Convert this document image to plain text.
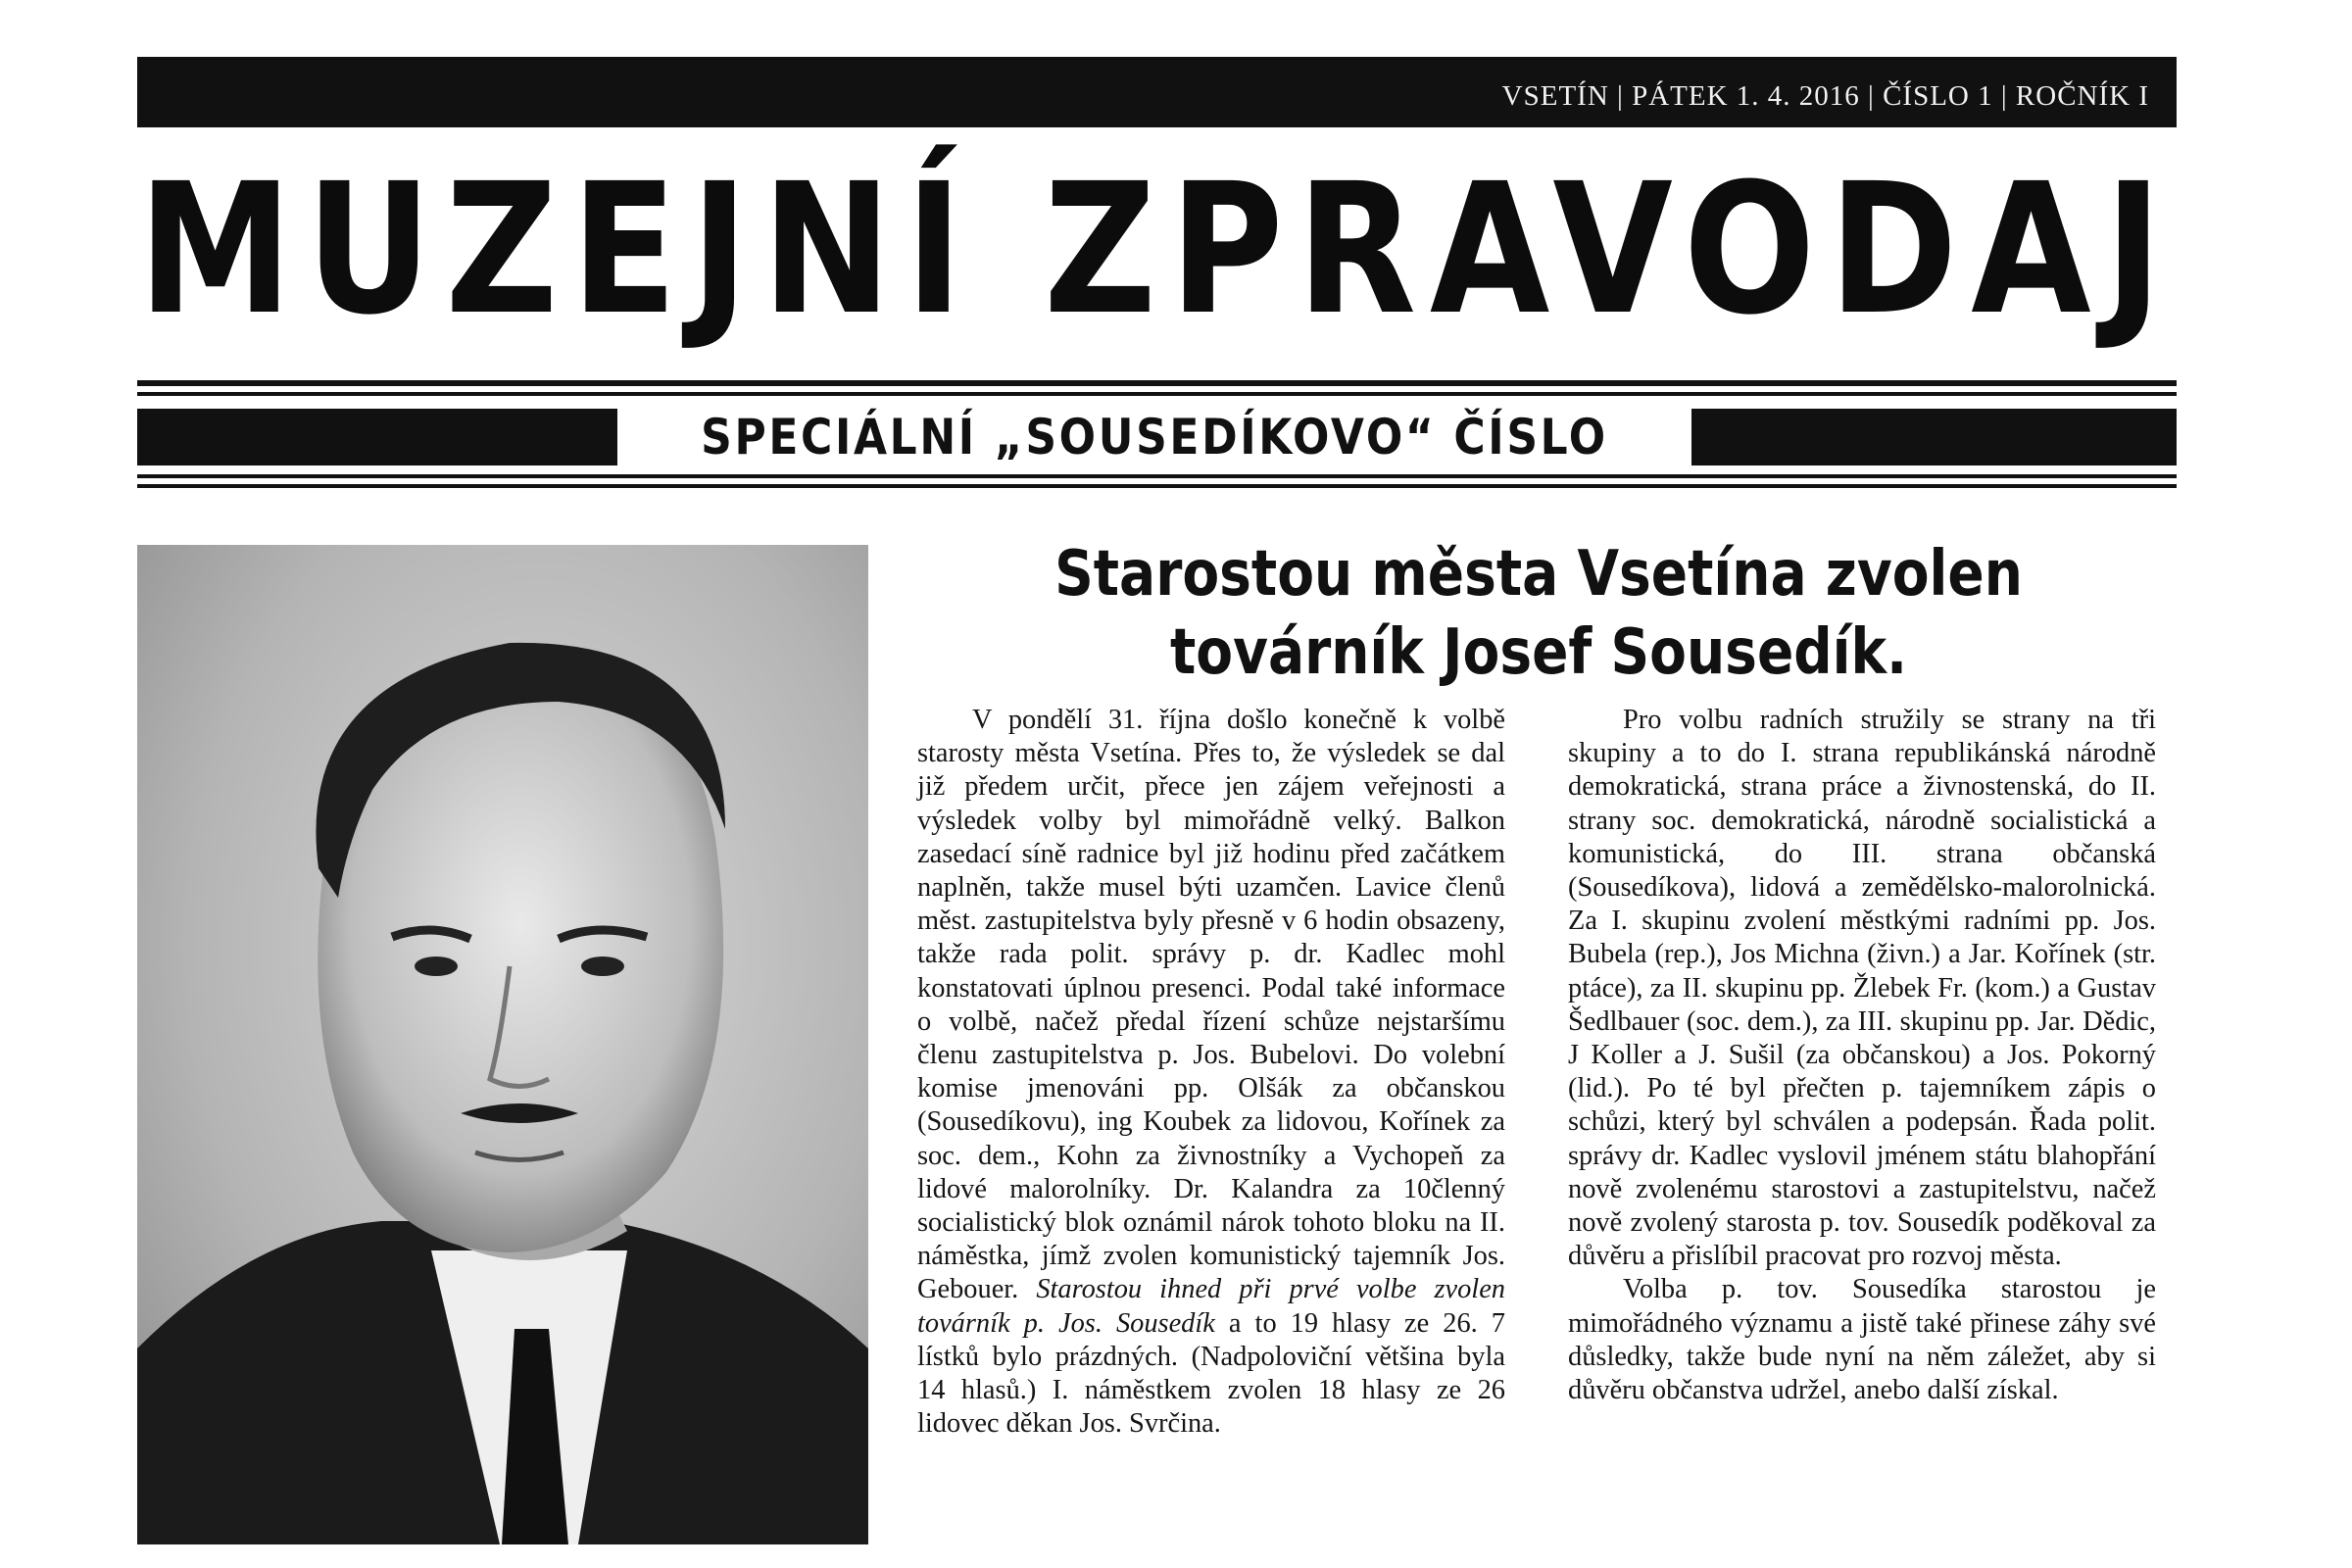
VSETÍN | PÁTEK 1. 4. 2016 | ČÍSLO 1 | ROČNÍK I
MUZEJNÍ ZPRAVODAJ
SPECIÁLNÍ „SOUSEDÍKOVO“ ČÍSLO
Starostou města Vsetína zvolen továrník Josef Sousedík.

V pondělí 31. října došlo konečně k volbě starosty města Vsetína. Přes to, že výsledek se dal již předem určit, přece jen zájem veřejnosti a výsledek volby byl mimořádně velký. Balkon zasedací síně radnice byl již hodinu před začátkem naplněn, takže musel býti uzamčen. Lavice členů měst. zastupitelstva byly přesně v 6 hodin obsazeny, takže rada polit. správy p. dr. Kadlec mohl konstatovati úplnou presenci. Podal také informace o volbě, načež předal řízení schůze nejstaršímu členu zastupitelstva p. Jos. Bubelovi. Do volební komise jmenováni pp. Olšák za občanskou (Sousedíkovu), ing Koubek za lidovou, Kořínek za soc. dem., Kohn za živnostníky a Vychopeň za lidové malorolníky. Dr. Kalandra za 10členný socialistický blok oznámil nárok tohoto bloku na II. náměstka, jímž zvolen komunistický tajemník Jos. Gebouer. Starostou ihned při prvé volbe zvolen továrník p. Jos. Sousedík a to 19 hlasy ze 26. 7 lístků bylo prázdných. (Nadpoloviční většina byla 14 hlasů.) I. náměstkem zvolen 18 hlasy ze 26 lidovec děkan Jos. Svrčina.

Pro volbu radních stružily se strany na tři skupiny a to do I. strana republikánská národně demokratická, strana práce a živnostenská, do II. strany soc. demokratická, národně socialistická a komunistická, do III. strana občanská (Sousedíkova), lidová a zemědělsko-malorolnická. Za I. skupinu zvolení městkými radními pp. Jos. Bubela (rep.), Jos Michna (živn.) a Jar. Kořínek (str. ptáce), za II. skupinu pp. Žlebek Fr. (kom.) a Gustav Šedlbauer (soc. dem.), za III. skupinu pp. Jar. Dědic, J Koller a J. Sušil (za občanskou) a Jos. Pokorný (lid.). Po té byl přečten p. tajemníkem zápis o schůzi, který byl schválen a podepsán. Řada polit. správy dr. Kadlec vyslovil jménem státu blahopřání nově zvolenému starostovi a zastupitelstvu, načež nově zvolený starosta p. tov. Sousedík poděkoval za důvěru a přislíbil pracovat pro rozvoj města.

Volba p. tov. Sousedíka starostou je mimořádného významu a jistě také přinese záhy své důsledky, takže bude nyní na něm záležet, aby si důvěru občanstva udržel, anebo další získal.
